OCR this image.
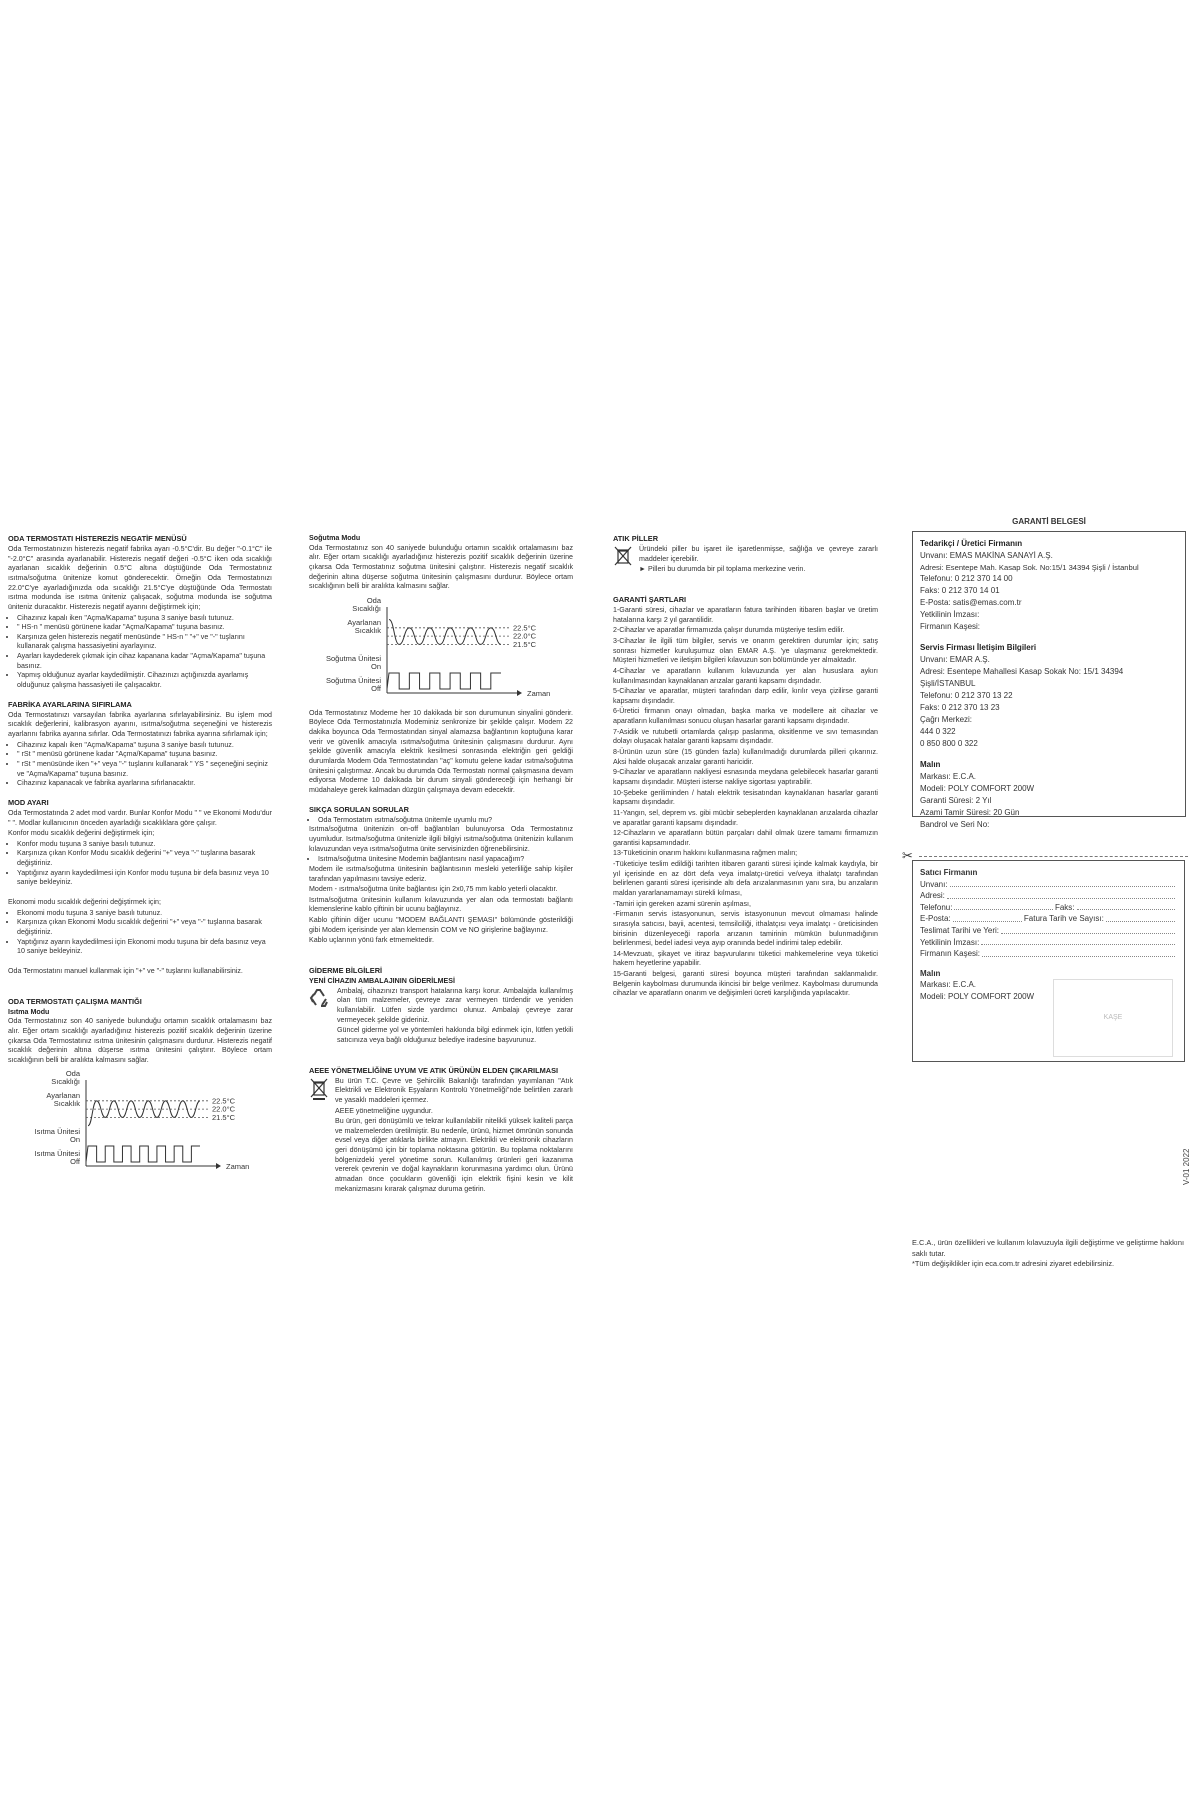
ODA TERMOSTATI HİSTEREZİS NEGATİF MENÜSÜ

Oda Termostatınızın histerezis negatif fabrika ayarı -0.5°C'dir. Bu değer "-0.1°C" ile "-2.0°C" arasında ayarlanabilir. Histerezis negatif değeri -0.5°C iken oda sıcaklığı ayarlanan sıcaklık değerinin 0.5°C altına düştüğünde Oda Termostatınız ısıtma/soğutma ünitenize komut gönderecektir. Örneğin Oda Termostatınızı 22.0°C'ye ayarladığınızda oda sıcaklığı 21.5°C'ye düştüğünde Oda Termostatı ısıtma modunda ise ısıtma üniteniz çalışacak, soğutma modunda ise soğutma üniteniz duracaktır. Histerezis negatif ayarını değiştirmek için;

• Cihazınız kapalı iken "Açma/Kapama" tuşuna 3 saniye basılı tutunuz.
• " HS-n " menüsü görünene kadar "Açma/Kapama" tuşuna basınız.
• Karşınıza gelen histerezis negatif menüsünde " HS-n " "+" ve "-" tuşlarını kullanarak çalışma hassasiyetini ayarlayınız.
• Ayarları kaydederek çıkmak için cihaz kapanana kadar "Açma/Kapama" tuşuna basınız.
• Yapmış olduğunuz ayarlar kaydedilmiştir. Cihazınızı açtığınızda ayarlamış olduğunuz çalışma hassasiyeti ile çalışacaktır.
FABRİKA AYARLARINA SIFIRLAMA

Oda Termostatınızı varsayılan fabrika ayarlarına sıfırlayabilirsiniz. Bu işlem mod sıcaklık değerlerini, kalibrasyon ayarını, ısıtma/soğutma seçeneğini ve histerezis ayarlarını fabrika ayarına sıfırlar. Oda Termostatınızı fabrika ayarına sıfırlamak için;

• Cihazınız kapalı iken "Açma/Kapama" tuşuna 3 saniye basılı tutunuz.
• " rSt " menüsü görünene kadar "Açma/Kapama" tuşuna basınız.
• " rSt " menüsünde iken "+" veya "-" tuşlarını kullanarak " YS " seçeneğini seçiniz ve "Açma/Kapama" tuşuna basınız.
• Cihazınız kapanacak ve fabrika ayarlarına sıfırlanacaktır.
MOD AYARI

Oda Termostatında 2 adet mod vardır. Bunlar Konfor Modu " " ve Ekonomi Modu'dur " ". Modlar kullanıcının önceden ayarladığı sıcaklıklara göre çalışır.

Konfor modu sıcaklık değerini değiştirmek için;

• Konfor modu tuşuna 3 saniye basılı tutunuz.
• Karşınıza çıkan Konfor Modu sıcaklık değerini "+" veya "-" tuşlarına basarak değiştiriniz.
• Yaptığınız ayarın kaydedilmesi için Konfor modu tuşuna bir defa basınız veya 10 saniye bekleyiniz.

Ekonomi modu sıcaklık değerini değiştirmek için;

• Ekonomi modu tuşuna 3 saniye basılı tutunuz.
• Karşınıza çıkan Ekonomi Modu sıcaklık değerini "+" veya "-" tuşlarına basarak değiştiriniz.
• Yaptığınız ayarın kaydedilmesi için Ekonomi modu tuşuna bir defa basınız veya 10 saniye bekleyiniz.

Oda Termostatını manuel kullanmak için "+" ve "-" tuşlarını kullanabilirsiniz.

ODA TERMOSTATI ÇALIŞMA MANTIĞI
Isıtma Modu

Oda Termostatınız son 40 saniyede bulunduğu ortamın sıcaklık ortalamasını baz alır. Eğer ortam sıcaklığı ayarladığınız histerezis pozitif sıcaklık değerinin üzerine çıkarsa Oda Termostatınız ısıtma ünitesinin çalışmasını durdurur. Histerezis negatif sıcaklık değerinin altına düşerse ısıtma ünitesini çalıştırır. Böylece ortam sıcaklığının belli bir aralıkta kalmasını sağlar.

22.5°C
22.0°C
21.5°C
Oda Sıcaklığı
Ayarlanan Sıcaklık
Isıtma Ünitesi On
Isıtma Ünitesi Off
Zaman
Soğutma Modu

Oda Termostatınız son 40 saniyede bulunduğu ortamın sıcaklık ortalamasını baz alır. Eğer ortam sıcaklığı ayarladığınız histerezis pozitif sıcaklık değerinin üzerine çıkarsa Oda Termostatınız soğutma ünitesini çalıştırır. Histerezis negatif sıcaklık değerinin altına düşerse soğutma ünitesinin çalışmasını durdurur. Böylece ortam sıcaklığının belli bir aralıkta kalmasını sağlar.

22.5°C
22.0°C
21.5°C
Oda Sıcaklığı
Ayarlanan Sıcaklık
Soğutma Ünitesi On
Soğutma Ünitesi Off
Zaman

Oda Termostatınız Modeme her 10 dakikada bir son durumunun sinyalini gönderir. Böylece Oda Termostatınızla Modeminiz senkronize bir şekilde çalışır. Modem 22 dakika boyunca Oda Termostatından sinyal alamazsa bağlantının koptuğuna karar verir ve güvenlik amacıyla ısıtma/soğutma ünitesinin çalışmasını durdurur. Aynı şekilde güvenlik amacıyla elektrik kesilmesi sonrasında elektriğin geri geldiği durumlarda Modem Oda Termostatından "aç" komutu gelene kadar ısıtma/soğutma ünitesini çalıştırmaz. Ancak bu durumda Oda Termostatı normal çalışmasına devam ediyorsa Moderne 10 dakikada bir durum sinyali göndereceği için herhangi bir müdahaleye gerek kalmadan düzgün çalışmaya devam edecektir.

SIKÇA SORULAN SORULAR
• Oda Termostatım ısıtma/soğutma ünitemle uyumlu mu?

Isıtma/soğutma ünitenizin on-off bağlantıları bulunuyorsa Oda Termostatınız uyumludur. Isıtma/soğutma ünitenizle ilgili bilgiyi ısıtma/soğutma ünitenizin kullanım kılavuzundan veya ısıtma/soğutma ünite servisinizden öğrenebilirsiniz.

• Isıtma/soğutma ünitesine Modemin bağlantısını nasıl yapacağım?

Modem ile ısıtma/soğutma ünitesinin bağlantısının mesleki yeterliliğe sahip kişiler tarafından yapılmasını tavsiye ederiz.

Modem - ısıtma/soğutma ünite bağlantısı için 2x0,75 mm kablo yeterli olacaktır.

Isıtma/soğutma ünitesinin kullanım kılavuzunda yer alan oda termostatı bağlantı klemenslerine kablo çiftinin bir ucunu bağlayınız.

Kablo çiftinin diğer ucunu "MODEM BAĞLANTI ŞEMASI" bölümünde gösterildiği gibi Modem içerisinde yer alan klemensin COM ve NO girişlerine bağlayınız.

Kablo uçlarının yönü fark etmemektedir.

GİDERME BİLGİLERİ
YENİ CİHAZIN AMBALAJININ GİDERİLMESİ

Ambalaj, cihazınızı transport hatalarına karşı korur. Ambalajda kullanılmış olan tüm malzemeler, çevreye zarar vermeyen türdendir ve yeniden kullanılabilir. Lütfen sizde yardımcı olunuz. Ambalajı çevreye zarar vermeyecek şekilde gideriniz.

Güncel giderme yol ve yöntemleri hakkında bilgi edinmek için, lütfen yetkili satıcınıza veya bağlı olduğunuz belediye iradesine başvurunuz.

AEEE YÖNETMELİĞİNE UYUM VE ATIK ÜRÜNÜN ELDEN ÇIKARILMASI

Bu ürün T.C. Çevre ve Şehircilik Bakanlığı tarafından yayımlanan "Atık Elektrikli ve Elektronik Eşyaların Kontrolü Yönetmeliği"nde belirtilen zararlı ve yasaklı maddeleri içermez.

AEEE yönetmeliğine uygundur.

Bu ürün, geri dönüşümlü ve tekrar kullanılabilir nitelikli yüksek kaliteli parça ve malzemelerden üretilmiştir. Bu nedenle, ürünü, hizmet ömrünün sonunda evsel veya diğer atıklarla birlikte atmayın. Elektrikli ve elektronik cihazların geri dönüşümü için bir toplama noktasına götürün. Bu toplama noktalarını bölgenizdeki yerel yönetime sorun. Kullanılmış ürünleri geri kazanıma vererek çevrenin ve doğal kaynakların korunmasına yardımcı olun. Ürünü atmadan önce çocukların güvenliği için elektrik fişini kesin ve kilit mekanizmasını kırarak çalışmaz duruma getirin.

ATIK PİLLER

Üründeki piller bu işaret ile işaretlenmişse, sağlığa ve çevreye zararlı maddeler içerebilir.

► Pilleri bu durumda bir pil toplama merkezine verin.

GARANTİ ŞARTLARI

1-Garanti süresi, cihazlar ve aparatların fatura tarihinden itibaren başlar ve üretim hatalarına karşı 2 yıl garantilidir.

2-Cihazlar ve aparatlar firmamızda çalışır durumda müşteriye teslim edilir.

3-Cihazlar ile ilgili tüm bilgiler, servis ve onarım gerektiren durumlar için; satış sonrası hizmetler kuruluşumuz olan EMAR A.Ş. 'ye ulaşmanız gerekmektedir. Müşteri hizmetleri ve iletişim bilgileri kılavuzun son bölümünde yer almaktadır.

4-Cihazlar ve aparatların kullanım kılavuzunda yer alan hususlara aykırı kullanılmasından kaynaklanan arızalar garanti kapsamı dışındadır.

5-Cihazlar ve aparatlar, müşteri tarafından darp edilir, kırılır veya çizilirse garanti kapsamı dışındadır.

6-Üretici firmanın onayı olmadan, başka marka ve modellere ait cihazlar ve aparatların kullanılması sonucu oluşan hasarlar garanti kapsamı dışındadır.

7-Asidik ve rutubetli ortamlarda çalışıp paslanma, oksitlenme ve sıvı temasından dolayı oluşacak hatalar garanti kapsamı dışındadır.

8-Ürünün uzun süre (15 günden fazla) kullanılmadığı durumlarda pilleri çıkarınız. Aksi halde oluşacak arızalar garanti haricidir.

9-Cihazlar ve aparatların nakliyesi esnasında meydana gelebilecek hasarlar garanti kapsamı dışındadır. Müşteri isterse nakliye sigortası yaptırabilir.

10-Şebeke geriliminden / hatalı elektrik tesisatından kaynaklanan hasarlar garanti kapsamı dışındadır.

11-Yangın, sel, deprem vs. gibi mücbir sebeplerden kaynaklanan arızalarda cihazlar ve aparatlar garanti kapsamı dışındadır.

12-Cihazların ve aparatların bütün parçaları dahil olmak üzere tamamı firmamızın garantisi kapsamındadır.

13-Tüketicinin onarım hakkını kullanmasına rağmen malın;

-Tüketiciye teslim edildiği tarihten itibaren garanti süresi içinde kalmak kaydıyla, bir yıl içerisinde en az dört defa veya imalatçı-üretici ve/veya ithalatçı tarafından belirlenen garanti süresi içerisinde altı defa arızalanmasının yanı sıra, bu arızaların maldan yararlanamamayı sürekli kılması,

-Tamiri için gereken azami sürenin aşılması,

-Firmanın servis istasyonunun, servis istasyonunun mevcut olmaması halinde sırasıyla satıcısı, bayii, acentesi, temsilciliği, ithalatçısı veya imalatçı - üreticisinden birisinin düzenleyeceği raporla arızanın tamirinin mümkün bulunmadığının belirlenmesi, bedel iadesi veya ayıp oranında bedel indirimi talep edebilir.

14-Mevzuatı, şikayet ve itiraz başvurularını tüketici mahkemelerine veya tüketici hakem heyetlerine yapabilir.

15-Garanti belgesi, garanti süresi boyunca müşteri tarafından saklanmalıdır. Belgenin kaybolması durumunda ikincisi bir belge verilmez. Kaybolması durumunda cihazlar ve aparatların onarım ve değişimleri ücreti karşılığında yapılacaktır.

GARANTİ BELGESİ
Tedarikçi / Üretici Firmanın
Unvanı: EMAS MAKİNA SANAYİ A.Ş.
Adresi: Esentepe Mah. Kasap Sok. No:15/1 34394 Şişli / İstanbul
Telefonu: 0 212 370 14 00
Faks: 0 212 370 14 01
E-Posta: satis@emas.com.tr
Yetkilinin İmzası:
Firmanın Kaşesi:
Servis Firması İletişim Bilgileri
Unvanı: EMAR A.Ş.
Adresi: Esentepe Mahallesi Kasap Sokak No: 15/1 34394
Şişli/İSTANBUL
Telefonu: 0 212 370 13 22
Faks: 0 212 370 13 23
Çağrı Merkezi:
444 0 322
0 850 800 0 322
Malın
Markası: E.C.A.
Modeli: POLY COMFORT 200W
Garanti Süresi: 2 Yıl
Azami Tamir Süresi: 20 Gün
Bandrol ve Seri No:
✂
Satıcı Firmanın
Unvanı:
Adresi:
Telefonu:	Faks:
E-Posta:	Fatura Tarih ve Sayısı:
Teslimat Tarihi ve Yeri:
Yetkilinin İmzası:
Firmanın Kaşesi:
Malın
Markası: E.C.A.
Modeli: POLY COMFORT 200W
KAŞE
V-01 2022
E.C.A., ürün özellikleri ve kullanım kılavuzuyla ilgili değiştirme ve geliştirme hakkını saklı tutar.
*Tüm değişiklikler için eca.com.tr adresini ziyaret edebilirsiniz.
